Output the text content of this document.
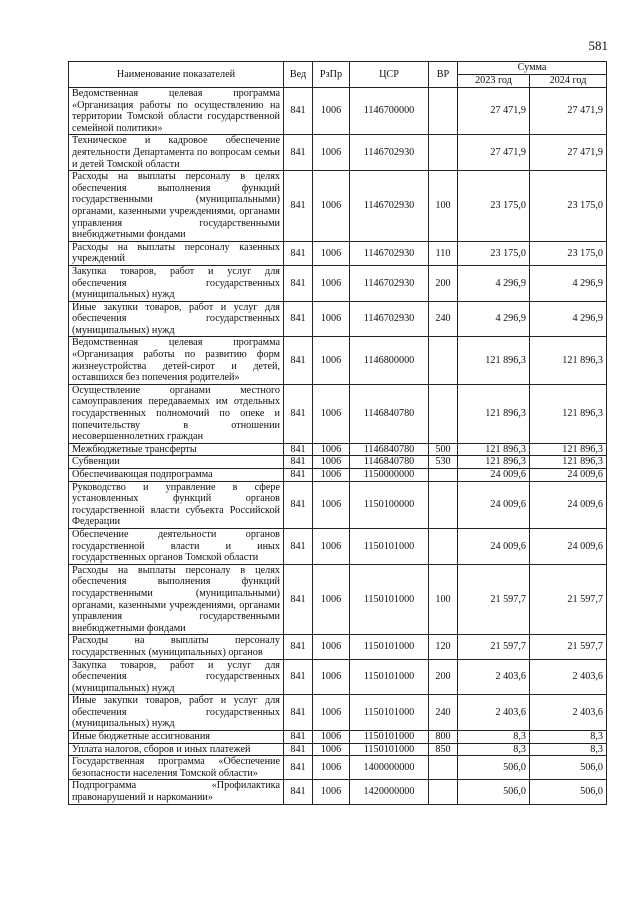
581
Наименование показателей	Вед	РзПр	ЦСР	ВР	Сумма	
					2023 год	2024 год
Ведомственная целевая программа «Организация работы по осуществлению на территории Томской области государственной семейной политики»	841	1006	1146700000		27 471,9	27 471,9
Техническое и кадровое обеспечение деятельности Департамента по вопросам семьи и детей Томской области	841	1006	1146702930		27 471,9	27 471,9
Расходы на выплаты персоналу в целях обеспечения выполнения функций государственными (муниципальными) органами, казенными учреждениями, органами управления государственными внебюджетными фондами	841	1006	1146702930	100	23 175,0	23 175,0
Расходы на выплаты персоналу казенных учреждений	841	1006	1146702930	110	23 175,0	23 175,0
Закупка товаров, работ и услуг для обеспечения государственных (муниципальных) нужд	841	1006	1146702930	200	4 296,9	4 296,9
Иные закупки товаров, работ и услуг для обеспечения государственных (муниципальных) нужд	841	1006	1146702930	240	4 296,9	4 296,9
Ведомственная целевая программа «Организация работы по развитию форм жизнеустройства детей-сирот и детей, оставшихся без попечения родителей»	841	1006	1146800000		121 896,3	121 896,3
Осуществление органами местного самоуправления передаваемых им отдельных государственных полномочий по опеке и попечительству в отношении несовершеннолетних граждан	841	1006	1146840780		121 896,3	121 896,3
Межбюджетные трансферты	841	1006	1146840780	500	121 896,3	121 896,3
Субвенции	841	1006	1146840780	530	121 896,3	121 896,3
Обеспечивающая подпрограмма	841	1006	1150000000		24 009,6	24 009,6
Руководство и управление в сфере установленных функций органов государственной власти субъекта Российской Федерации	841	1006	1150100000		24 009,6	24 009,6
Обеспечение деятельности органов государственной власти и иных государственных органов Томской области	841	1006	1150101000		24 009,6	24 009,6
Расходы на выплаты персоналу в целях обеспечения выполнения функций государственными (муниципальными) органами, казенными учреждениями, органами управления государственными внебюджетными фондами	841	1006	1150101000	100	21 597,7	21 597,7
Расходы на выплаты персоналу государственных (муниципальных) органов	841	1006	1150101000	120	21 597,7	21 597,7
Закупка товаров, работ и услуг для обеспечения государственных (муниципальных) нужд	841	1006	1150101000	200	2 403,6	2 403,6
Иные закупки товаров, работ и услуг для обеспечения государственных (муниципальных) нужд	841	1006	1150101000	240	2 403,6	2 403,6
Иные бюджетные ассигнования	841	1006	1150101000	800	8,3	8,3
Уплата налогов, сборов и иных платежей	841	1006	1150101000	850	8,3	8,3
Государственная программа «Обеспечение безопасности населения Томской области»	841	1006	1400000000		506,0	506,0
Подпрограмма «Профилактика правонарушений и наркомании»	841	1006	1420000000		506,0	506,0
